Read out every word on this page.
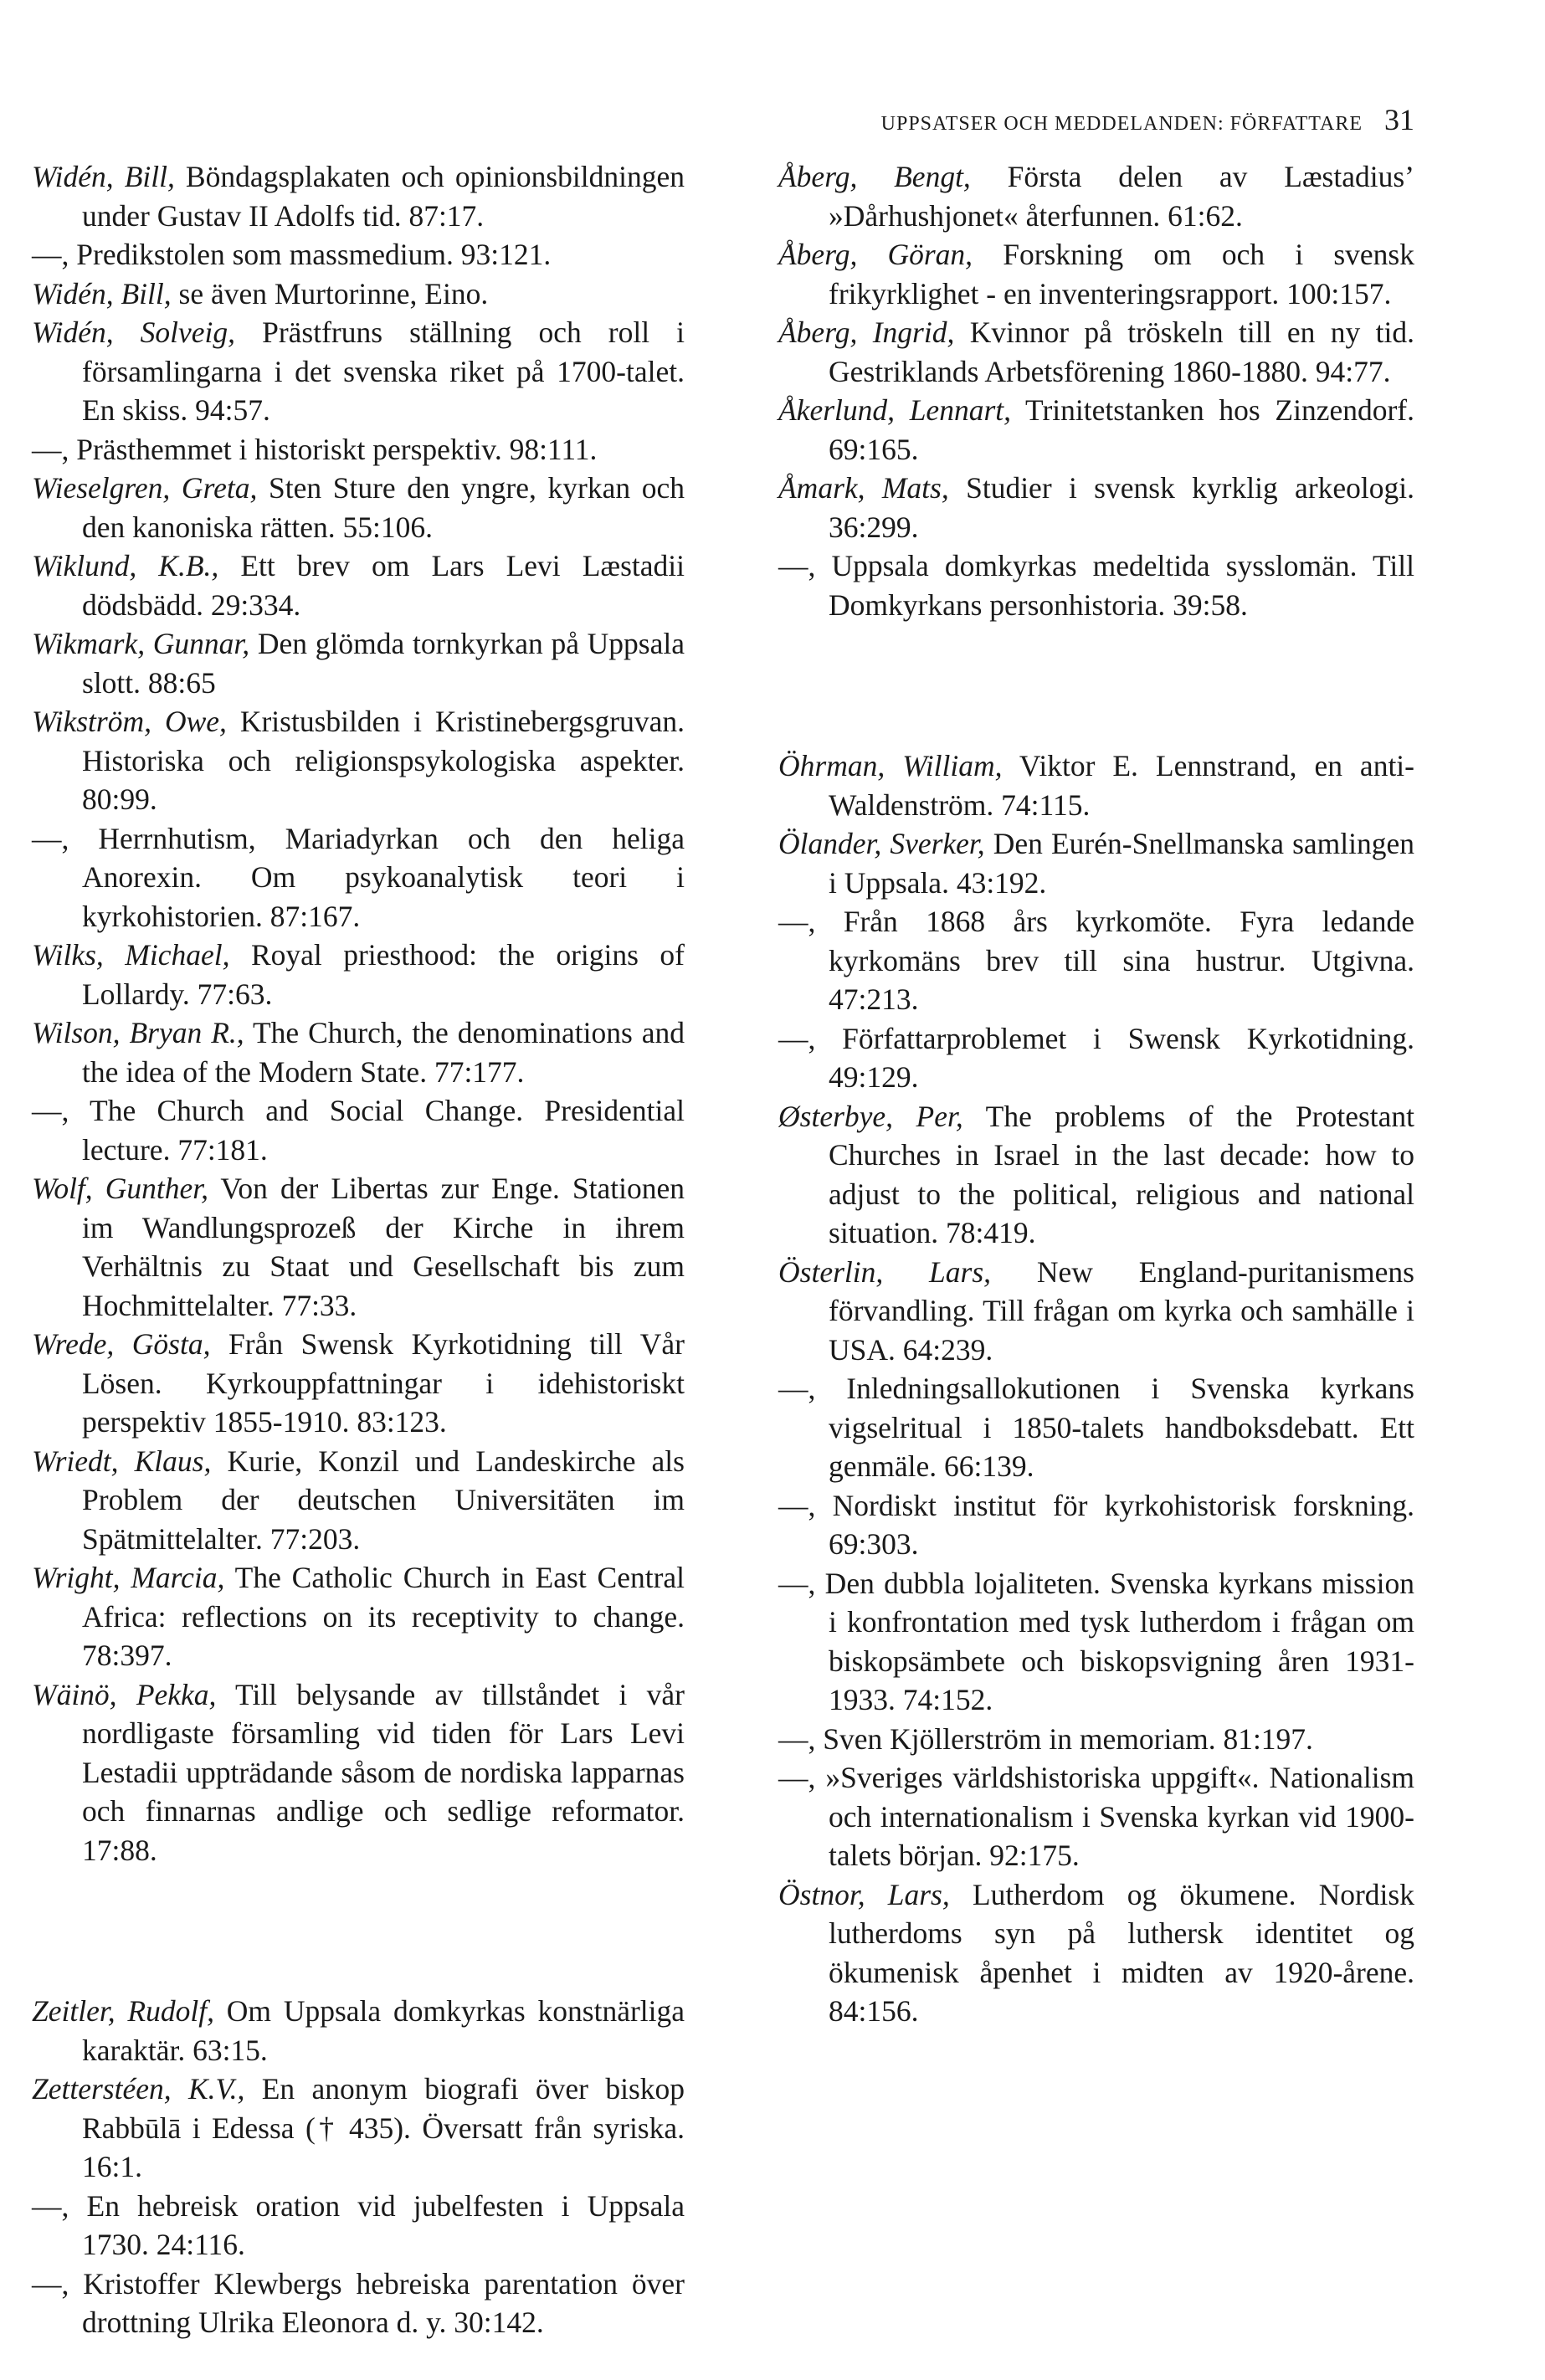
UPPSATSER OCH MEDDELANDEN: FÖRFATTARE 31
Widén, Bill, Böndagsplakaten och opinionsbildningen under Gustav II Adolfs tid. 87:17.
—, Predikstolen som massmedium. 93:121.
Widén, Bill, se även Murtorinne, Eino.
Widén, Solveig, Prästfruns ställning och roll i församlingarna i det svenska riket på 1700-talet. En skiss. 94:57.
—, Prästhemmet i historiskt perspektiv. 98:111.
Wieselgren, Greta, Sten Sture den yngre, kyrkan och den kanoniska rätten. 55:106.
Wiklund, K.B., Ett brev om Lars Levi Læstadii dödsbädd. 29:334.
Wikmark, Gunnar, Den glömda tornkyrkan på Uppsala slott. 88:65
Wikström, Owe, Kristusbilden i Kristinebergsgruvan. Historiska och religionspsykologiska aspekter. 80:99.
—, Herrnhutism, Mariadyrkan och den heliga Anorexin. Om psykoanalytisk teori i kyrkohistorien. 87:167.
Wilks, Michael, Royal priesthood: the origins of Lollardy. 77:63.
Wilson, Bryan R., The Church, the denominations and the idea of the Modern State. 77:177.
—, The Church and Social Change. Presidential lecture. 77:181.
Wolf, Gunther, Von der Libertas zur Enge. Stationen im Wandlungsprozeß der Kirche in ihrem Verhältnis zu Staat und Gesellschaft bis zum Hochmittelalter. 77:33.
Wrede, Gösta, Från Swensk Kyrkotidning till Vår Lösen. Kyrkouppfattningar i idehistoriskt perspektiv 1855-1910. 83:123.
Wriedt, Klaus, Kurie, Konzil und Landeskirche als Problem der deutschen Universitäten im Spätmittelalter. 77:203.
Wright, Marcia, The Catholic Church in East Central Africa: reflections on its receptivity to change. 78:397.
Wäinö, Pekka, Till belysande av tillståndet i vår nordligaste församling vid tiden för Lars Levi Lestadii uppträdande såsom de nordiska lapparnas och finnarnas andlige och sedlige reformator. 17:88.
Zeitler, Rudolf, Om Uppsala domkyrkas konstnärliga karaktär. 63:15.
Zetterstéen, K.V., En anonym biografi över biskop Rabbūlā i Edessa († 435). Översatt från syriska. 16:1.
—, En hebreisk oration vid jubelfesten i Uppsala 1730. 24:116.
—, Kristoffer Klewbergs hebreiska parentation över drottning Ulrika Eleonora d. y. 30:142.
Åberg, Bengt, Första delen av Læstadius’ »Dårhushjonet« återfunnen. 61:62.
Åberg, Göran, Forskning om och i svensk frikyrklighet - en inventeringsrapport. 100:157.
Åberg, Ingrid, Kvinnor på tröskeln till en ny tid. Gestriklands Arbetsförening 1860-1880. 94:77.
Åkerlund, Lennart, Trinitetstanken hos Zinzendorf. 69:165.
Åmark, Mats, Studier i svensk kyrklig arkeologi. 36:299.
—, Uppsala domkyrkas medeltida sysslomän. Till Domkyrkans personhistoria. 39:58.
Öhrman, William, Viktor E. Lennstrand, en anti-Waldenström. 74:115.
Ölander, Sverker, Den Eurén-Snellmanska samlingen i Uppsala. 43:192.
—, Från 1868 års kyrkomöte. Fyra ledande kyrkomäns brev till sina hustrur. Utgivna. 47:213.
—, Författarproblemet i Swensk Kyrkotidning. 49:129.
Østerbye, Per, The problems of the Protestant Churches in Israel in the last decade: how to adjust to the political, religious and national situation. 78:419.
Österlin, Lars, New England-puritanismens förvandling. Till frågan om kyrka och samhälle i USA. 64:239.
—, Inledningsallokutionen i Svenska kyrkans vigselritual i 1850-talets handboksdebatt. Ett genmäle. 66:139.
—, Nordiskt institut för kyrkohistorisk forskning. 69:303.
—, Den dubbla lojaliteten. Svenska kyrkans mission i konfrontation med tysk lutherdom i frågan om biskopsämbete och biskopsvigning åren 1931-1933. 74:152.
—, Sven Kjöllerström in memoriam. 81:197.
—, »Sveriges världshistoriska uppgift«. Nationalism och internationalism i Svenska kyrkan vid 1900-talets början. 92:175.
Östnor, Lars, Lutherdom og ökumene. Nordisk lutherdoms syn på luthersk identitet og ökumenisk åpenhet i midten av 1920-årene. 84:156.
